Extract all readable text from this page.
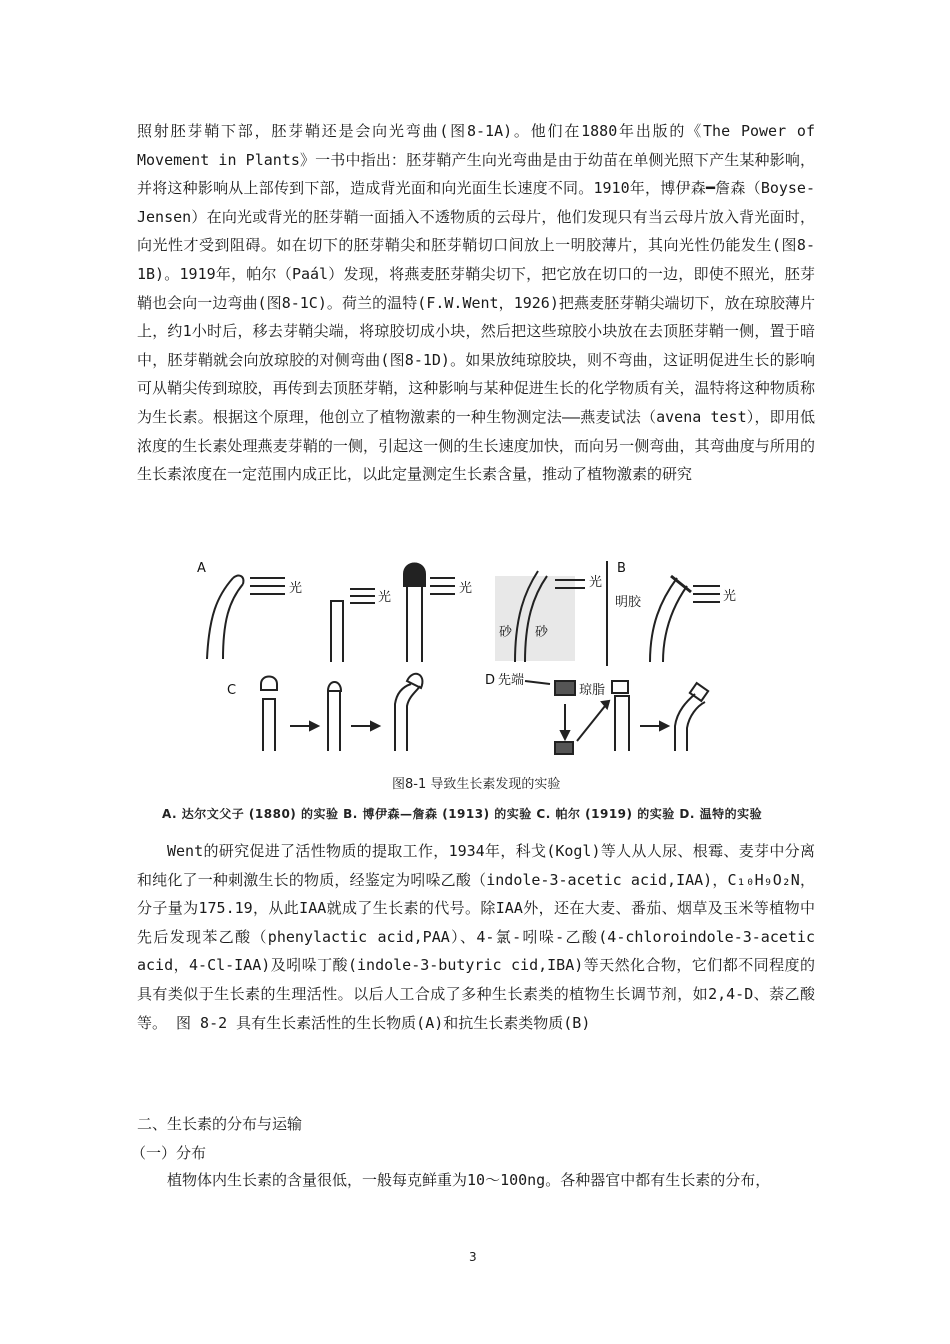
照射胚芽鞘下部，胚芽鞘还是会向光弯曲(图8-1A)。他们在1880年出版的《The Power of Movement in Plants》一书中指出：胚芽鞘产生向光弯曲是由于幼苗在单侧光照下产生某种影响，并将这种影响从上部传到下部，造成背光面和向光面生长速度不同。1910年，博伊森━詹森（Boyse-Jensen）在向光或背光的胚芽鞘一面插入不透物质的云母片，他们发现只有当云母片放入背光面时，向光性才受到阻碍。如在切下的胚芽鞘尖和胚芽鞘切口间放上一明胶薄片，其向光性仍能发生(图8-1B)。1919年，帕尔（Paál）发现，将燕麦胚芽鞘尖切下，把它放在切口的一边，即使不照光，胚芽鞘也会向一边弯曲(图8-1C)。荷兰的温特(F.W.Went，1926)把燕麦胚芽鞘尖端切下，放在琼胶薄片上，约1小时后，移去芽鞘尖端，将琼胶切成小块，然后把这些琼胶小块放在去顶胚芽鞘一侧，置于暗中，胚芽鞘就会向放琼胶的对侧弯曲(图8-1D)。如果放纯琼胶块，则不弯曲，这证明促进生长的影响可从鞘尖传到琼胶，再传到去顶胚芽鞘，这种影响与某种促进生长的化学物质有关，温特将这种物质称为生长素。根据这个原理，他创立了植物激素的一种生物测定法——燕麦试法（avena test），即用低浓度的生长素处理燕麦芽鞘的一侧，引起这一侧的生长速度加快，而向另一侧弯曲，其弯曲度与所用的生长素浓度在一定范围内成正比，以此定量测定生长素含量，推动了植物激素的研究

A
光
光
光	光
砂 砂
B
明胶	光
C
D 先端
琼脂
图8-1 导致生长素发现的实验
A. 达尔文父子 (1880) 的实验 B. 博伊森—詹森 (1913) 的实验 C. 帕尔 (1919) 的实验 D. 温特的实验

Went的研究促进了活性物质的提取工作，1934年，科戈(Kogl)等人从人尿、根霉、麦芽中分离和纯化了一种刺激生长的物质，经鉴定为吲哚乙酸（indole-3-acetic acid,IAA)，C₁₀H₉O₂N，分子量为175.19，从此IAA就成了生长素的代号。除IAA外，还在大麦、番茄、烟草及玉米等植物中先后发现苯乙酸（phenylactic acid,PAA）、4-氯-吲哚-乙酸(4-chloroindole-3-acetic acid，4-Cl-IAA)及吲哚丁酸(indole-3-butyric cid,IBA)等天然化合物，它们都不同程度的具有类似于生长素的生理活性。以后人工合成了多种生长素类的植物生长调节剂，如2,4-D、萘乙酸等。 图 8-2 具有生长素活性的生长物质(A)和抗生长素类物质(B)

二、生长素的分布与运输
（一）分布

植物体内生长素的含量很低，一般每克鲜重为10～100ng。各种器官中都有生长素的分布，

3
